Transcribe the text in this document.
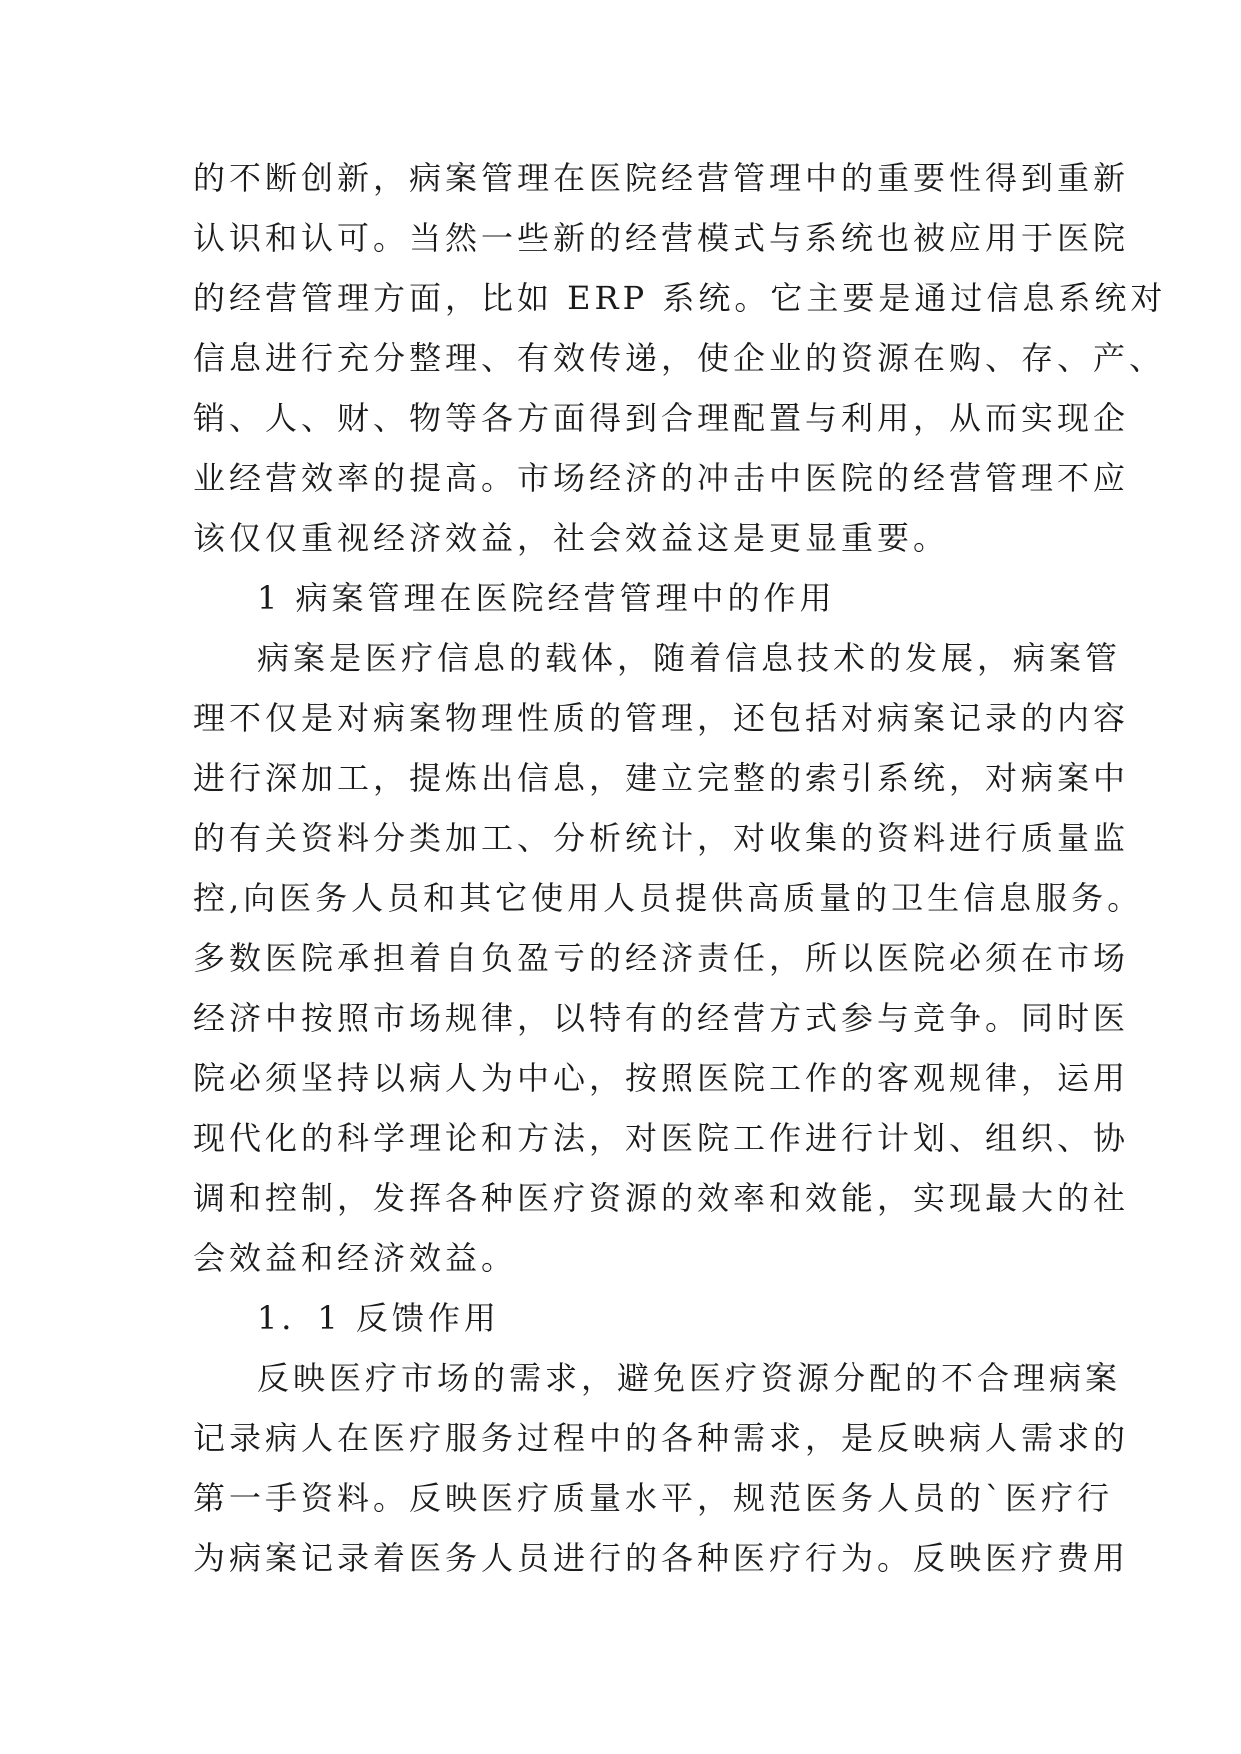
的不断创新，病案管理在医院经营管理中的重要性得到重新
认识和认可。当然一些新的经营模式与系统也被应用于医院
的经营管理方面，比如 ERP 系统。它主要是通过信息系统对
信息进行充分整理、有效传递，使企业的资源在购、存、产、
销、人、财、物等各方面得到合理配置与利用，从而实现企
业经营效率的提高。市场经济的冲击中医院的经营管理不应
该仅仅重视经济效益，社会效益这是更显重要。
1 病案管理在医院经营管理中的作用
病案是医疗信息的载体，随着信息技术的发展，病案管
理不仅是对病案物理性质的管理，还包括对病案记录的内容
进行深加工，提炼出信息，建立完整的索引系统，对病案中
的有关资料分类加工、分析统计，对收集的资料进行质量监
控,向医务人员和其它使用人员提供高质量的卫生信息服务。
多数医院承担着自负盈亏的经济责任，所以医院必须在市场
经济中按照市场规律，以特有的经营方式参与竞争。同时医
院必须坚持以病人为中心，按照医院工作的客观规律，运用
现代化的科学理论和方法，对医院工作进行计划、组织、协
调和控制，发挥各种医疗资源的效率和效能，实现最大的社
会效益和经济效益。
1．1 反馈作用
反映医疗市场的需求，避免医疗资源分配的不合理病案
记录病人在医疗服务过程中的各种需求，是反映病人需求的
第一手资料。反映医疗质量水平，规范医务人员的`医疗行
为病案记录着医务人员进行的各种医疗行为。反映医疗费用
